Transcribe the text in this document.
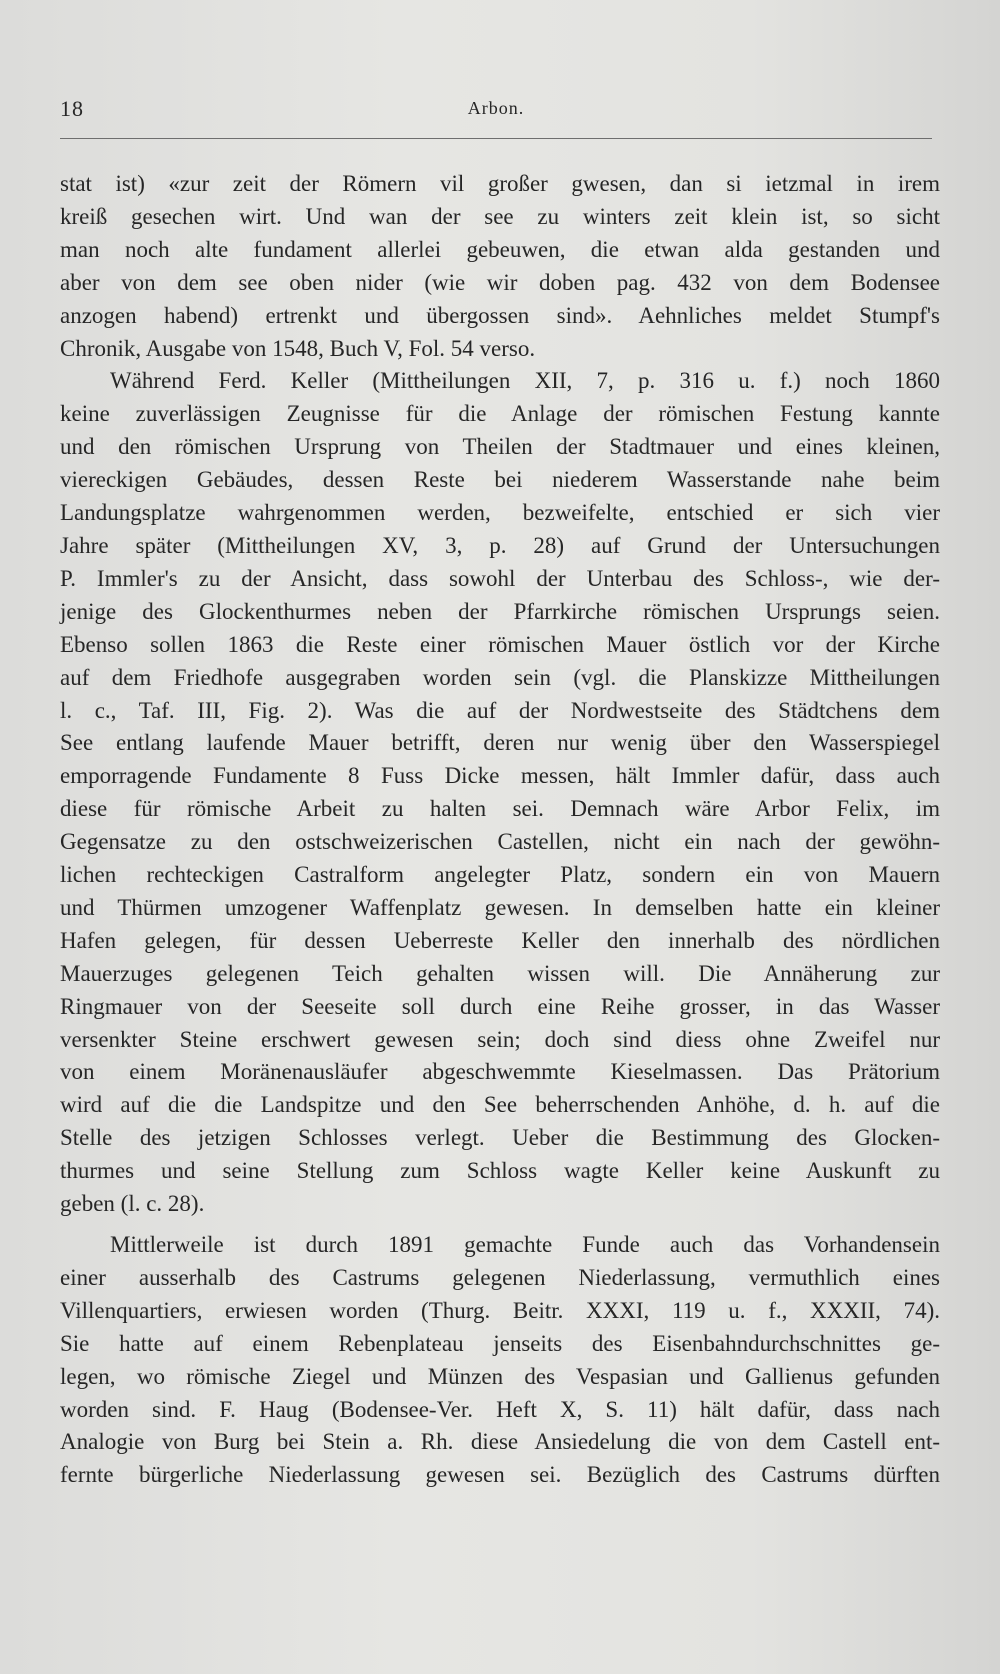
18	Arbon.
stat ist) «zur zeit der Römern vil großer gwesen, dan si ietzmal in irem
kreiß gesechen wirt. Und wan der see zu winters zeit klein ist, so sicht
man noch alte fundament allerlei gebeuwen, die etwan alda gestanden und
aber von dem see oben nider (wie wir doben pag. 432 von dem Bodensee
anzogen habend) ertrenkt und übergossen sind». Aehnliches meldet Stumpf's
Chronik, Ausgabe von 1548, Buch V, Fol. 54 verso.
Während Ferd. Keller (Mittheilungen XII, 7, p. 316 u. f.) noch 1860
keine zuverlässigen Zeugnisse für die Anlage der römischen Festung kannte
und den römischen Ursprung von Theilen der Stadtmauer und eines kleinen,
viereckigen Gebäudes, dessen Reste bei niederem Wasserstande nahe beim
Landungsplatze wahrgenommen werden, bezweifelte, entschied er sich vier
Jahre später (Mittheilungen XV, 3, p. 28) auf Grund der Untersuchungen
P. Immler's zu der Ansicht, dass sowohl der Unterbau des Schloss-, wie der-
jenige des Glockenthurmes neben der Pfarrkirche römischen Ursprungs seien.
Ebenso sollen 1863 die Reste einer römischen Mauer östlich vor der Kirche
auf dem Friedhofe ausgegraben worden sein (vgl. die Planskizze Mittheilungen
l. c., Taf. III, Fig. 2). Was die auf der Nordwestseite des Städtchens dem
See entlang laufende Mauer betrifft, deren nur wenig über den Wasserspiegel
emporragende Fundamente 8 Fuss Dicke messen, hält Immler dafür, dass auch
diese für römische Arbeit zu halten sei. Demnach wäre Arbor Felix, im
Gegensatze zu den ostschweizerischen Castellen, nicht ein nach der gewöhn-
lichen rechteckigen Castralform angelegter Platz, sondern ein von Mauern
und Thürmen umzogener Waffenplatz gewesen. In demselben hatte ein kleiner
Hafen gelegen, für dessen Ueberreste Keller den innerhalb des nördlichen
Mauerzuges gelegenen Teich gehalten wissen will. Die Annäherung zur
Ringmauer von der Seeseite soll durch eine Reihe grosser, in das Wasser
versenkter Steine erschwert gewesen sein; doch sind diess ohne Zweifel nur
von einem Moränenausläufer abgeschwemmte Kieselmassen. Das Prätorium
wird auf die die Landspitze und den See beherrschenden Anhöhe, d. h. auf die
Stelle des jetzigen Schlosses verlegt. Ueber die Bestimmung des Glocken-
thurmes und seine Stellung zum Schloss wagte Keller keine Auskunft zu
geben (l. c. 28).
Mittlerweile ist durch 1891 gemachte Funde auch das Vorhandensein
einer ausserhalb des Castrums gelegenen Niederlassung, vermuthlich eines
Villenquartiers, erwiesen worden (Thurg. Beitr. XXXI, 119 u. f., XXXII, 74).
Sie hatte auf einem Rebenplateau jenseits des Eisenbahndurchschnittes ge-
legen, wo römische Ziegel und Münzen des Vespasian und Gallienus gefunden
worden sind. F. Haug (Bodensee-Ver. Heft X, S. 11) hält dafür, dass nach
Analogie von Burg bei Stein a. Rh. diese Ansiedelung die von dem Castell ent-
fernte bürgerliche Niederlassung gewesen sei. Bezüglich des Castrums dürften
